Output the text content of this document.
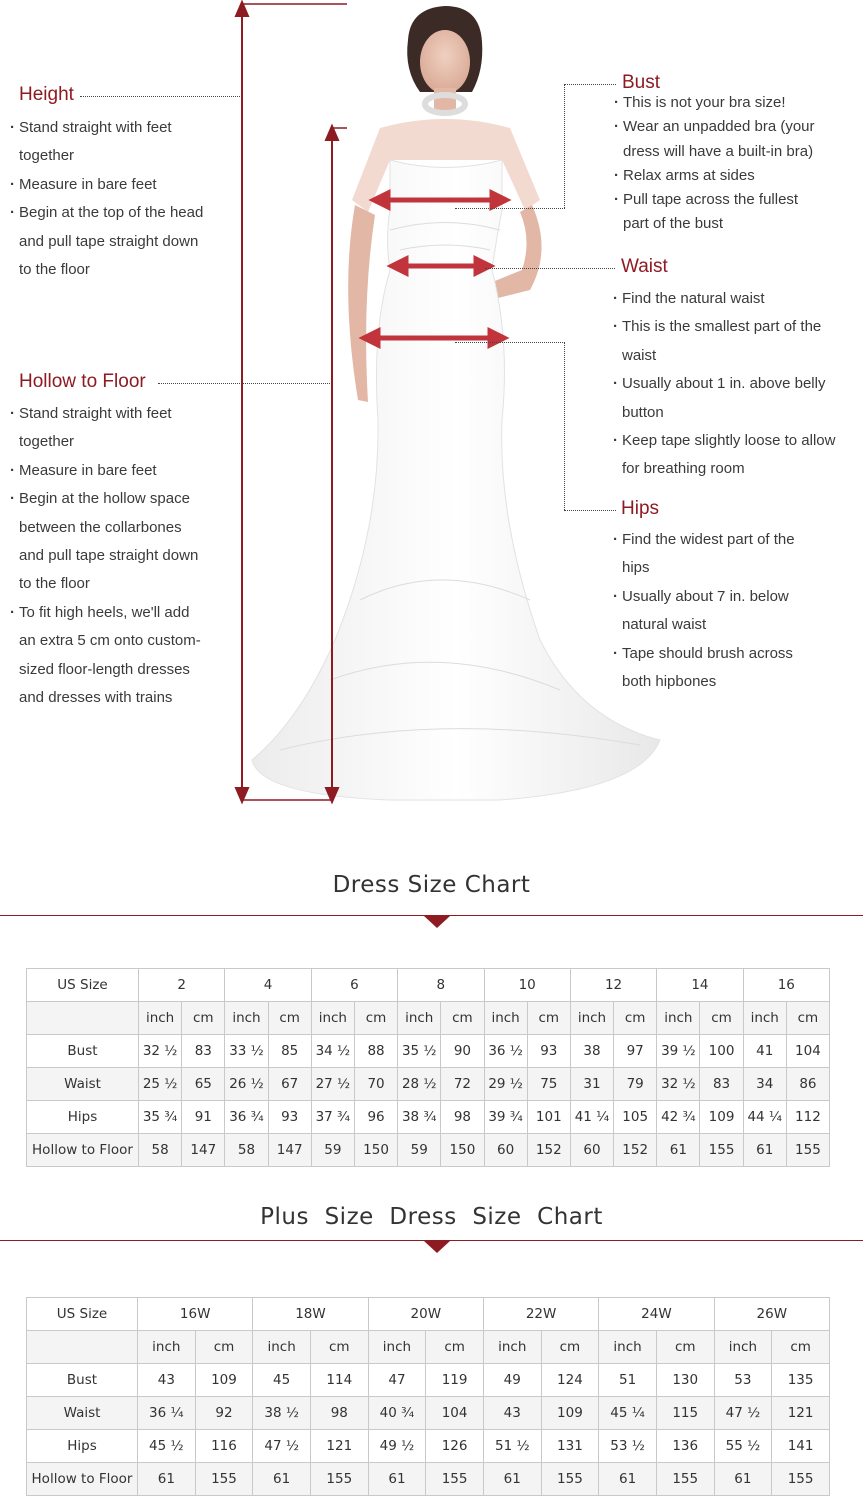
Height
· Stand straight with feet
together
· Measure in bare feet
· Begin at the top of the head
and pull tape straight down
to the floor
Hollow to Floor
· Stand straight with feet
together
· Measure in bare feet
· Begin at the hollow space
between the collarbones
and pull tape straight down
to the floor
· To fit high heels, we'll add
an extra 5 cm onto custom-
sized floor-length dresses
and dresses with trains
Bust
· This is not your bra size!
· Wear an unpadded bra (your
dress will have a built-in bra)
· Relax arms at sides
· Pull tape across the fullest
part of the bust
Waist
· Find the natural waist
· This is the smallest part of the
waist
· Usually about 1 in. above belly
button
· Keep tape slightly loose to allow
for breathing room
Hips
· Find the widest part of the
hips
· Usually about 7 in. below
natural waist
· Tape should brush across
both hipbones
Dress Size Chart
US Size	2		4		6		8		10		12		14		16	
	inch	cm	inch	cm	inch	cm	inch	cm	inch	cm	inch	cm	inch	cm	inch	cm
Bust	32 ½	83	33 ½	85	34 ½	88	35 ½	90	36 ½	93	38	97	39 ½	100	41	104
Waist	25 ½	65	26 ½	67	27 ½	70	28 ½	72	29 ½	75	31	79	32 ½	83	34	86
Hips	35 ¾	91	36 ¾	93	37 ¾	96	38 ¾	98	39 ¾	101	41 ¼	105	42 ¾	109	44 ¼	112
Hollow to Floor	58	147	58	147	59	150	59	150	60	152	60	152	61	155	61	155
Plus  Size  Dress  Size  Chart
US Size	16W		18W		20W		22W		24W		26W	
	inch	cm	inch	cm	inch	cm	inch	cm	inch	cm	inch	cm
Bust	43	109	45	114	47	119	49	124	51	130	53	135
Waist	36 ¼	92	38 ½	98	40 ¾	104	43	109	45 ¼	115	47 ½	121
Hips	45 ½	116	47 ½	121	49 ½	126	51 ½	131	53 ½	136	55 ½	141
Hollow to Floor	61	155	61	155	61	155	61	155	61	155	61	155
